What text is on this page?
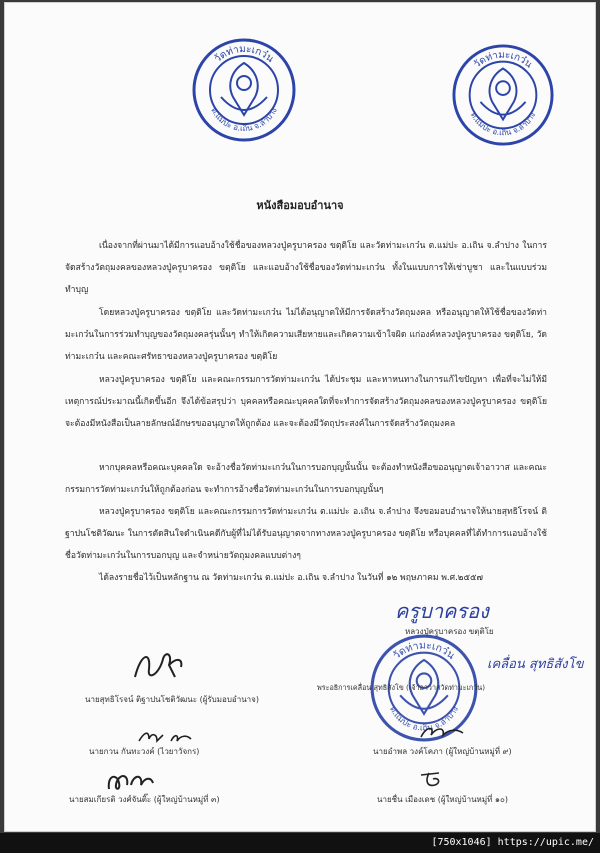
วัดท่ามะเกว๋น
ต.แม่ปะ อ.เถิน จ.ลำปาง
วัดท่ามะเกว๋น
ต.แม่ปะ อ.เถิน จ.ลำปาง
หนังสือมอบอำนาจ

เนื่องจากที่ผ่านมาได้มีการแอบอ้างใช้ชื่อของหลวงปู่ครูบาครอง ขตฺติโย และวัดท่ามะเกว๋น ต.แม่ปะ อ.เถิน จ.ลำปาง ในการจัดสร้างวัตถุมงคลของหลวงปู่ครูบาครอง ขตฺติโย และแอบอ้างใช้ชื่อของวัดท่ามะเกว๋น ทั้งในแบบการให้เช่าบูชา และในแบบร่วมทำบุญ

โดยหลวงปู่ครูบาครอง ขตฺติโย และวัดท่ามะเกว๋น ไม่ได้อนุญาตให้มีการจัดสร้างวัตถุมงคล หรืออนุญาตให้ใช้ชื่อของวัดท่ามะเกว๋นในการร่วมทำบุญของวัตถุมงคลรุ่นนั้นๆ ทำให้เกิดความเสียหายและเกิดความเข้าใจผิด แก่องค์หลวงปู่ครูบาครอง ขตฺติโย, วัดท่ามะเกว๋น และคณะศรัทธาของหลวงปู่ครูบาครอง ขตฺติโย

หลวงปู่ครูบาครอง ขตฺติโย และคณะกรรมการวัดท่ามะเกว๋น ได้ประชุม และหาหนทางในการแก้ไขปัญหา เพื่อที่จะไม่ให้มีเหตุการณ์ประมาณนี้เกิดขึ้นอีก จึงได้ข้อสรุปว่า บุคคลหรือคณะบุคคลใดที่จะทำการจัดสร้างวัตถุมงคลของหลวงปู่ครูบาครอง ขตฺติโย จะต้องมีหนังสือเป็นลายลักษณ์อักษรขออนุญาตให้ถูกต้อง และจะต้องมีวัตถุประสงค์ในการจัดสร้างวัตถุมงคล

หากบุคคลหรือคณะบุคคลใด จะอ้างชื่อวัดท่ามะเกว๋นในการบอกบุญนั้นนั้น จะต้องทำหนังสือขออนุญาตเจ้าอาวาส และคณะกรรมการวัดท่ามะเกว๋นให้ถูกต้องก่อน จะทำการอ้างชื่อวัดท่ามะเกว๋นในการบอกบุญนั้นๆ

หลวงปู่ครูบาครอง ขตฺติโย และคณะกรรมการวัดท่ามะเกว๋น ต.แม่ปะ อ.เถิน จ.ลำปาง จึงขอมอบอำนาจให้นายสุทธิโรจน์ ติฐาปนโชติวัฒนะ ในการตัดสินใจดำเนินคดีกับผู้ที่ไม่ได้รับอนุญาตจากทางหลวงปู่ครูบาครอง ขตฺติโย หรือบุคคลที่ได้ทำการแอบอ้างใช้ชื่อวัดท่ามะเกว๋นในการบอกบุญ และจำหน่ายวัตถุมงคลแบบต่างๆ

ได้ลงรายชื่อไว้เป็นหลักฐาน ณ วัดท่ามะเกว๋น ต.แม่ปะ อ.เถิน จ.ลำปาง ในวันที่ ๑๒ พฤษภาคม พ.ศ.๒๕๕๗

ครูบาครอง
หลวงปู่ครูบาครอง ขตฺติโย
วัดท่ามะเกว๋น
ต.แม่ปะ อ.เถิน จ.ลำปาง
เคลื่อน สุทธิสังโข
พระอธิการเคลื่อน สุทธิสังโข (เจ้าอาวาสวัดท่ามะเกว๋น)
นายสุทธิโรจน์ ติฐาปนโชติวัฒนะ (ผู้รับมอบอำนาจ)
นายกวน กันทะวงค์ (ไวยาวัจกร)
นายสมเกียรติ วงศ์จันติ๊ะ (ผู้ใหญ่บ้านหมู่ที่ ๓)
นายอำพล วงค์โคภา (ผู้ใหญ่บ้านหมู่ที่ ๙)
นายชื่น เมืองเดช (ผู้ใหญ่บ้านหมู่ที่ ๑๐)
[750x1046] https://upic.me/
